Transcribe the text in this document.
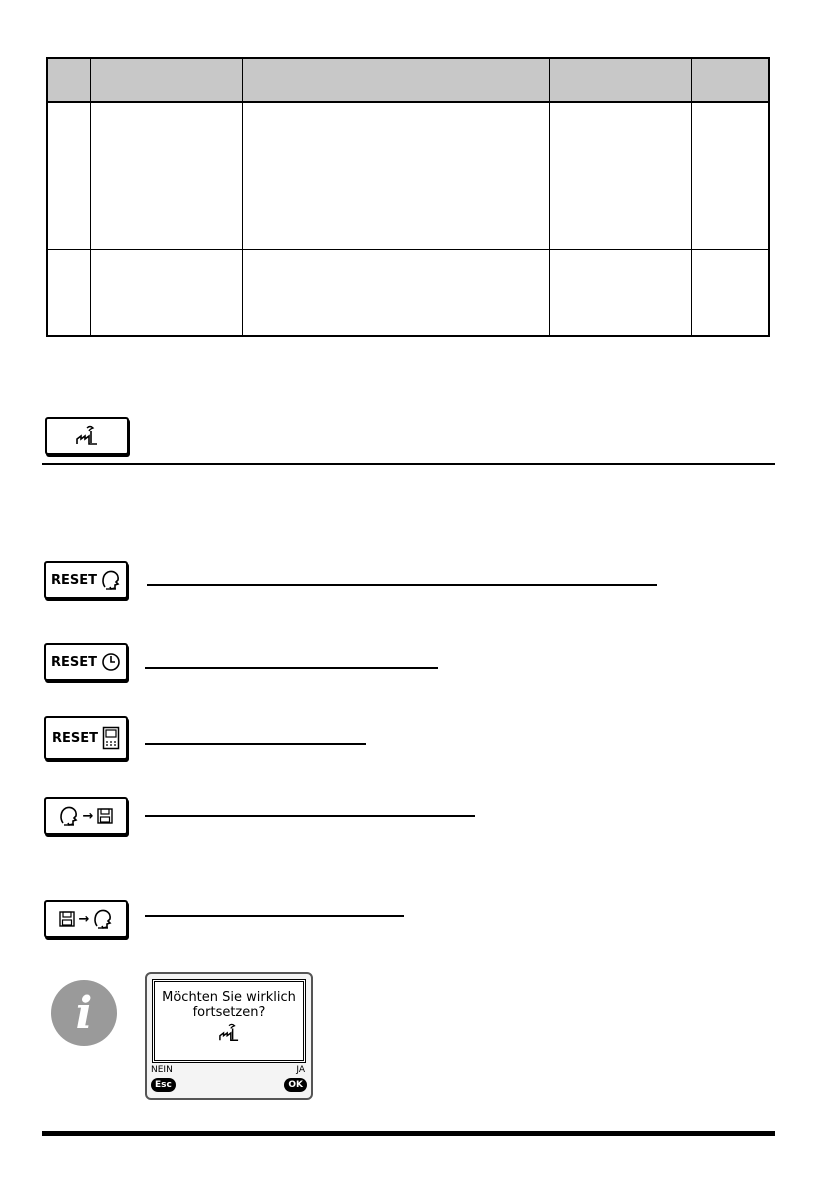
RESET
RESET
RESET
→
→
i	Möchten Sie wirklich
fortsetzen?
NEIN	JA
Esc	OK
